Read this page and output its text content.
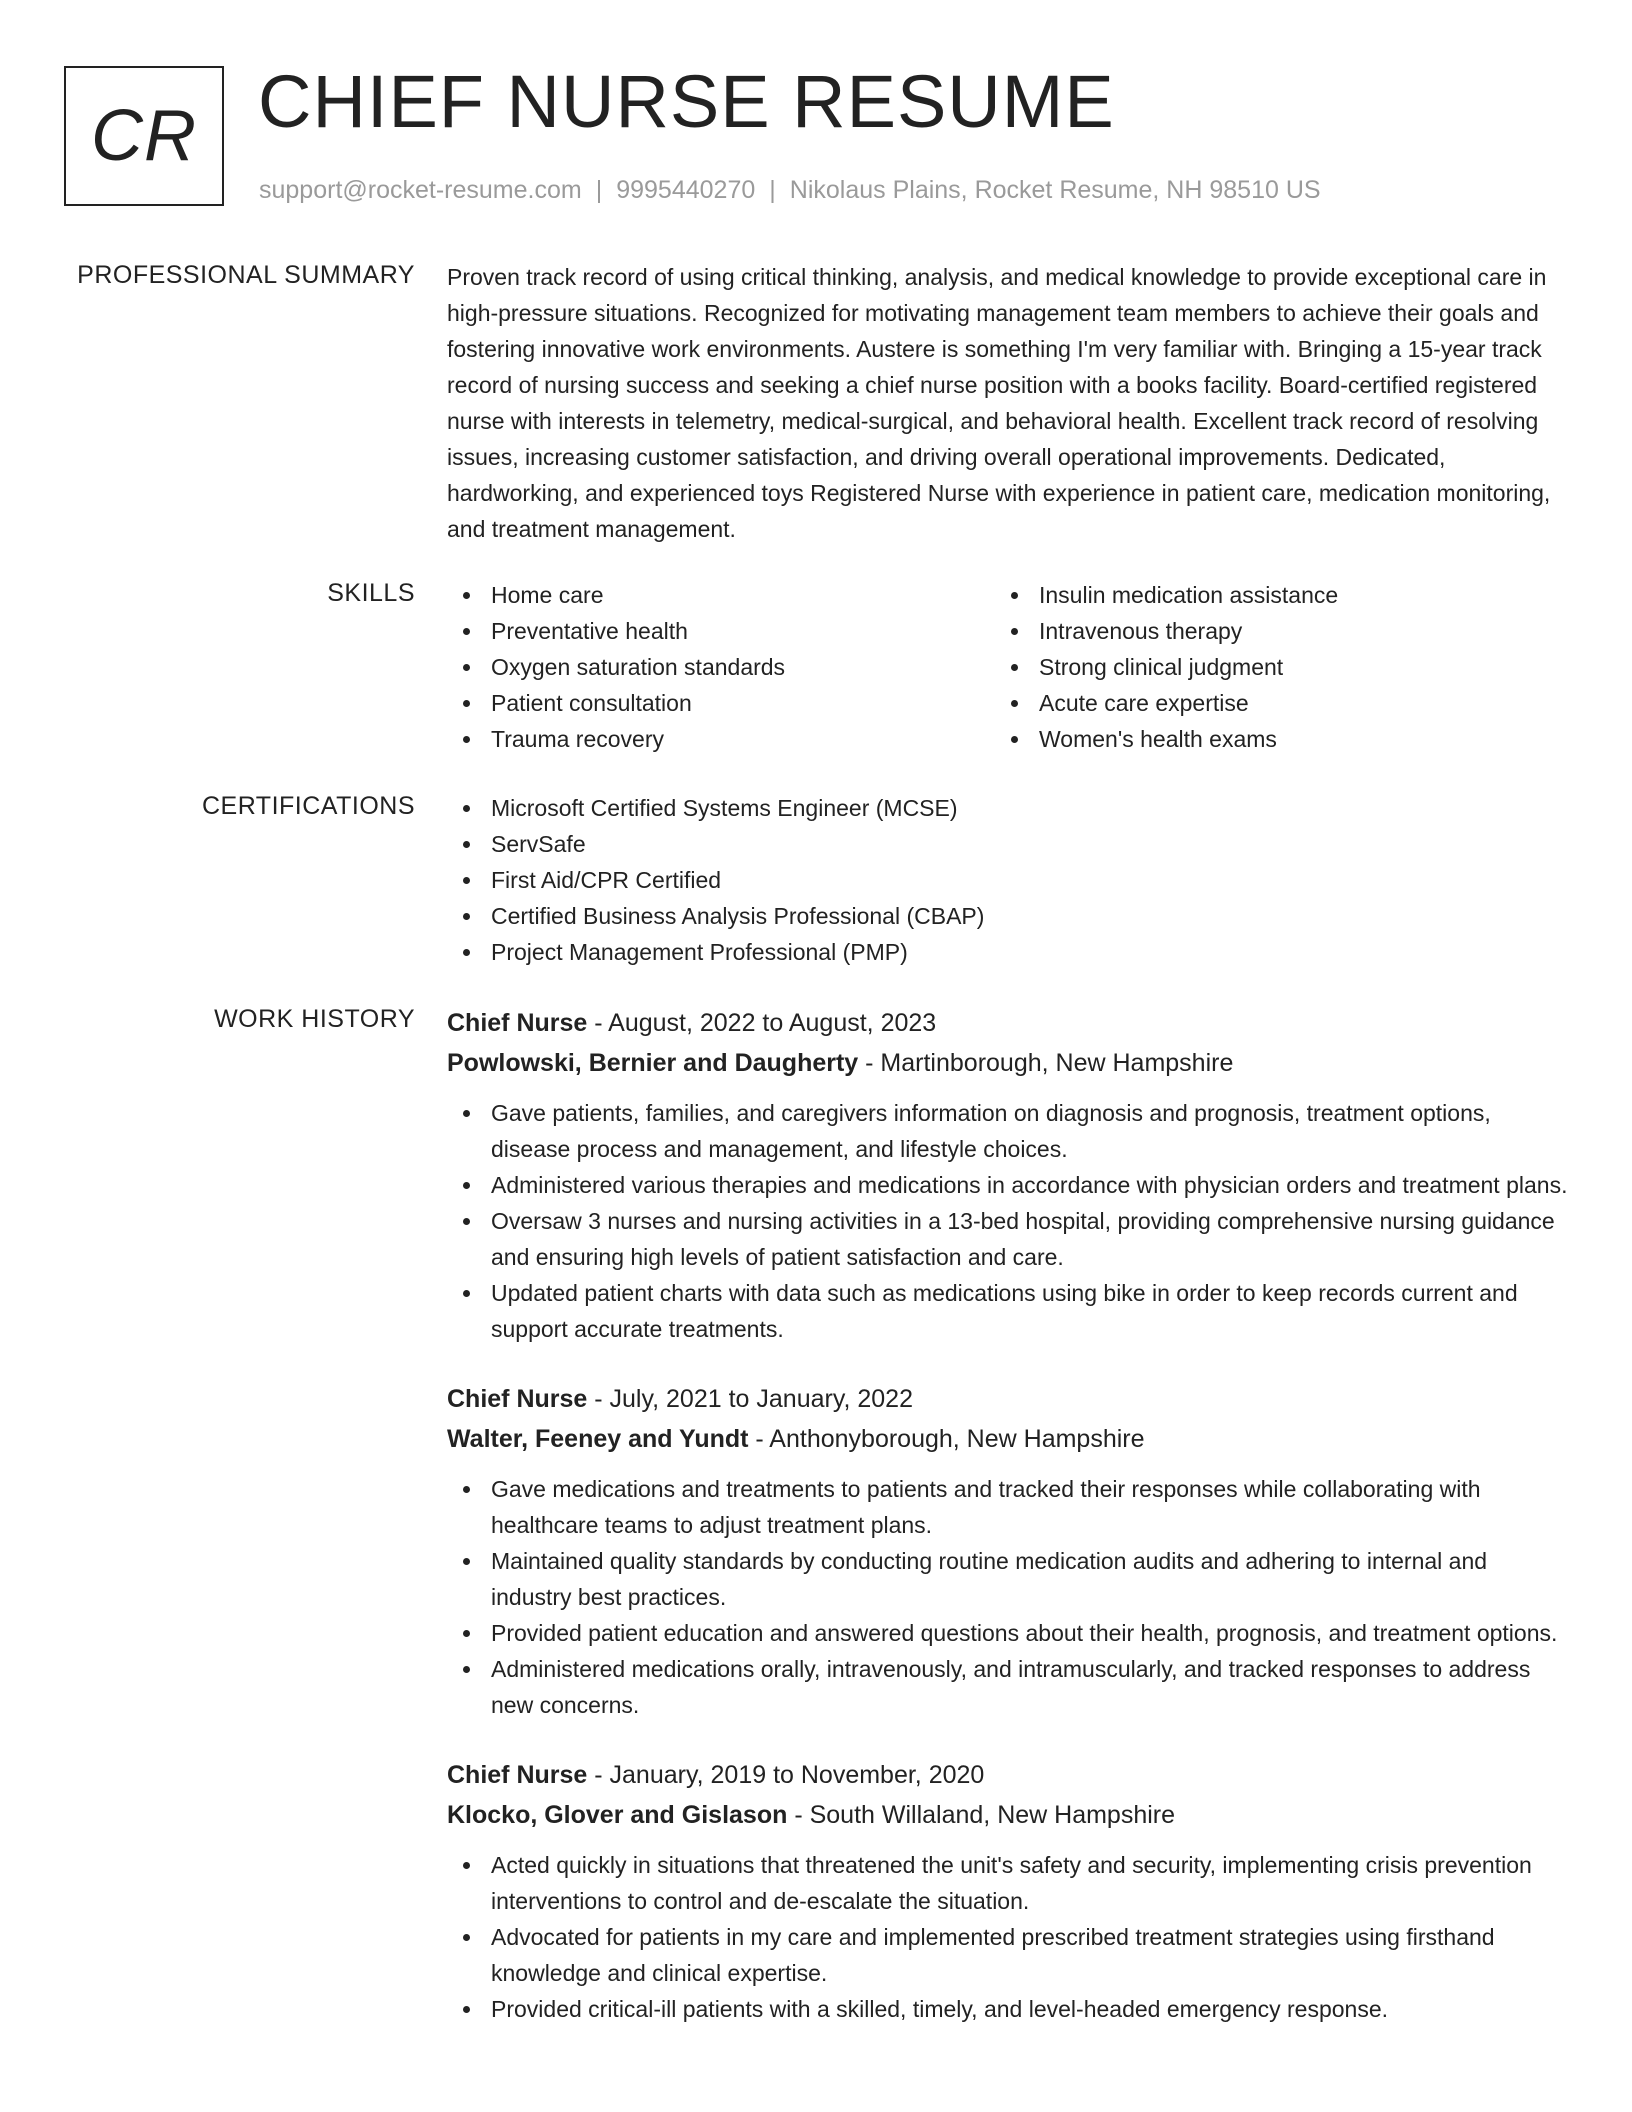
CR CHIEF NURSE RESUME
support@rocket-resume.com | 9995440270 | Nikolaus Plains, Rocket Resume, NH 98510 US
PROFESSIONAL SUMMARY Proven track record of using critical thinking, analysis, and medical knowledge to provide exceptional care in high-pressure situations. Recognized for motivating management team members to achieve their goals and fostering innovative work environments. Austere is something I'm very familiar with. Bringing a 15-year track record of nursing success and seeking a chief nurse position with a books facility. Board-certified registered nurse with interests in telemetry, medical-surgical, and behavioral health. Excellent track record of resolving issues, increasing customer satisfaction, and driving overall operational improvements. Dedicated, hardworking, and experienced toys Registered Nurse with experience in patient care, medication monitoring, and treatment management.

SKILLS	Home care
Preventative health
Oxygen saturation standards
Patient consultation
Trauma recovery
Insulin medication assistance
Intravenous therapy
Strong clinical judgment
Acute care expertise
Women's health exams
CERTIFICATIONS	Microsoft Certified Systems Engineer (MCSE)
ServSafe
First Aid/CPR Certified
Certified Business Analysis Professional (CBAP)
Project Management Professional (PMP)
WORK HISTORY Chief Nurse - August, 2022 to August, 2023
Powlowski, Bernier and Daugherty - Martinborough, New Hampshire
Gave patients, families, and caregivers information on diagnosis and prognosis, treatment options, disease process and management, and lifestyle choices.
Administered various therapies and medications in accordance with physician orders and treatment plans.
Oversaw 3 nurses and nursing activities in a 13-bed hospital, providing comprehensive nursing guidance and ensuring high levels of patient satisfaction and care.
Updated patient charts with data such as medications using bike in order to keep records current and support accurate treatments.
Chief Nurse - July, 2021 to January, 2022
Walter, Feeney and Yundt - Anthonyborough, New Hampshire
Gave medications and treatments to patients and tracked their responses while collaborating with healthcare teams to adjust treatment plans.
Maintained quality standards by conducting routine medication audits and adhering to internal and industry best practices.
Provided patient education and answered questions about their health, prognosis, and treatment options.
Administered medications orally, intravenously, and intramuscularly, and tracked responses to address new concerns.
Chief Nurse - January, 2019 to November, 2020
Klocko, Glover and Gislason - South Willaland, New Hampshire
Acted quickly in situations that threatened the unit's safety and security, implementing crisis prevention interventions to control and de-escalate the situation.
Advocated for patients in my care and implemented prescribed treatment strategies using firsthand knowledge and clinical expertise.
Provided critical-ill patients with a skilled, timely, and level-headed emergency response.
